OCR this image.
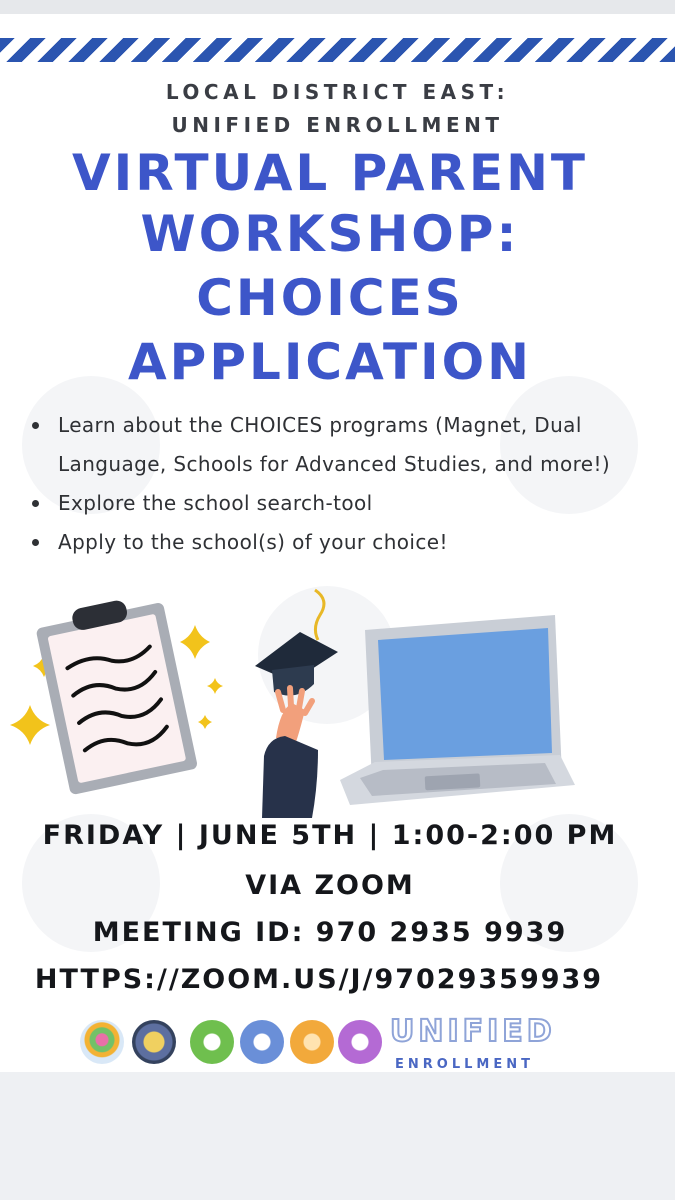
LOCAL DISTRICT EAST:
UNIFIED ENROLLMENT
VIRTUAL PARENT
WORKSHOP:
CHOICES
APPLICATION
Learn about the CHOICES programs (Magnet, Dual Language, Schools for Advanced Studies, and more!)
Explore the school search-tool
Apply to the school(s) of your choice!
FRIDAY | JUNE 5TH | 1:00-2:00 PM
VIA ZOOM
MEETING ID: 970 2935 9939
HTTPS://ZOOM.US/J/97029359939
UNIFIED
ENROLLMENT
